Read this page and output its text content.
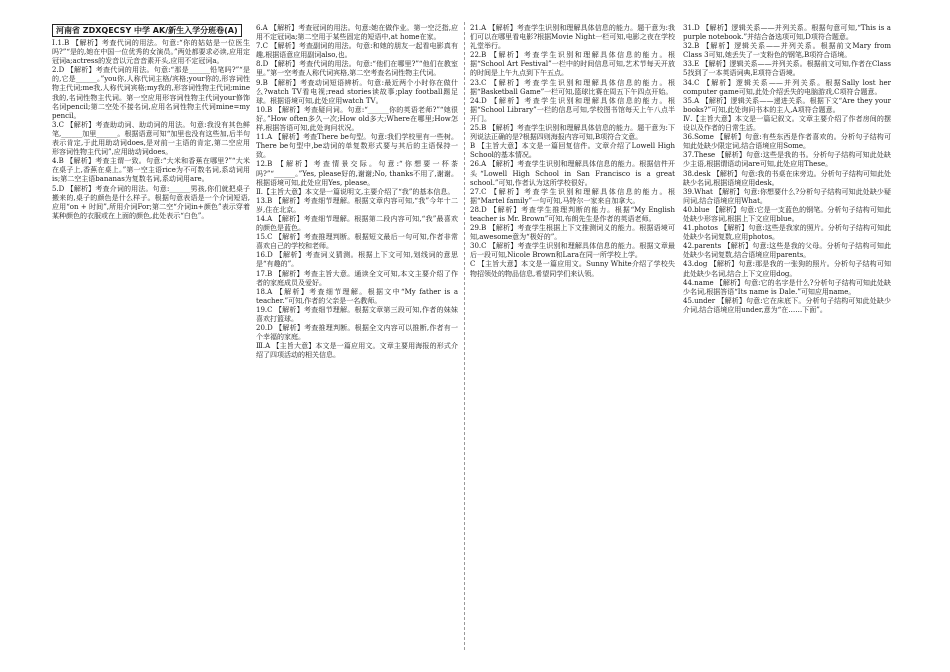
河南省 ZDXQECSY 中学 AK/新生入学分班卷(A)

Ⅰ.1.B 【解析】考查代词的用法。句意:“你的姑姑是一位医生吗?”“是的,她在中国一位优秀的女演员。”两处都要求必读,应用定冠词a;actress的发音以元音音素开头,应用不定冠词a。

2.D 【解析】考查代词的用法。句意:“那是______铅笔吗?”“是的,它是______。”you你,人称代词主格/宾格;your你的,形容词性物主代词;me我,人称代词宾格;my我的,形容词性物主代词;mine我的,名词性物主代词。第一空应用形容词性物主代词your修饰名词pencil;第二空处不接名词,应用名词性物主代词mine=my pencil。

3.C 【解析】考查助动词、助动词的用法。句意:我没有其色鲜笔,______加里______。根据语意可知“加里也没有这些加,后半句表示肯定,于此用助动词does,是对前一主语的肯定,第二空应用形容词性物主代词”,应用助动词does。

4.B 【解析】考查主谓一致。句意:“大米和香蕉在哪里?”“大米在桌子上,香蕉在桌上。”第一空主语rice为不可数名词,系动词用is;第二空主语bananas为复数名词,系动词用are。

5.D 【解析】考查介词的用法。句意:______男孩,你们就把桌子搬来的,桌子的颜色是什么样子。根据句意表语是一个介词短语,应用“on + 时间”,所用介词For;第二空“介词in+颜色”表示穿着某种颜色的衣服或在上面的颜色,此处表示“白色”。

6.A 【解析】考查冠词的用法。句意:她在做作业。第一空泛指,应用不定冠词a;第二空用于某些固定的短语中,at home在家。

7.C 【解析】考查副词的用法。句意:和她的朋友一起看电影真有趣,根据语意应用副词also,也。

8.D 【解析】考查代词的用法。句意:“他们在哪里?”“他们在教室里。”第一空考查人称代词宾格,第二空考查名词性物主代词。

9.B 【解析】考查动词短语辨析。句意:最近两个小时你在做什么?watch TV看电视;read stories读故事;play football踢足球。根据语境可知,此处应用watch TV。

10.B 【解析】考查疑问词。句意:“______你的英语老师?”“她很好。”How often多久一次;How old多大;Where在哪里;How怎样,根据答语可知,此处询问状况。

11.A 【解析】考查There be句型。句意:我们学校里有一些树。There be句型中,be动词的单复数形式要与其后的主语保持一致。

12.B 【解析】考查情景交际。句意:“你想要一杯茶吗?”“______。”Yes, please好的,谢谢;No, thanks不用了,谢谢。根据语境可知,此处应用Yes, please。

Ⅱ.【主旨大意】本文是一篇说明文,主要介绍了“我”的基本信息。

13.B 【解析】考查细节理解。根据文章内容可知,“我”今年十二岁,住在北京。

14.A 【解析】考查细节理解。根据第二段内容可知,“我”最喜欢的颜色是蓝色。

15.C 【解析】考查推理判断。根据短文最后一句可知,作者非常喜欢自己的学校和老师。

16.D 【解析】考查词义猜测。根据上下文可知,划线词的意思是“有趣的”。

17.B 【解析】考查主旨大意。通读全文可知,本文主要介绍了作者的家庭成员及爱好。

18.A 【解析】考查细节理解。根据文中“My father is a teacher.”可知,作者的父亲是一名教师。

19.C 【解析】考查细节理解。根据文章第三段可知,作者的妹妹喜欢打篮球。

20.D 【解析】考查推理判断。根据全文内容可以推断,作者有一个幸福的家庭。

Ⅲ.A 【主旨大意】本文是一篇应用文。文章主要用海报的形式介绍了四项活动的相关信息。

21.A 【解析】考查学生识别和理解具体信息的能力。题干意为:我们可以在哪里看电影?根据Movie Night一栏可知,电影之夜在学校礼堂举行。

22.B 【解析】考查学生识别和理解具体信息的能力。根据“School Art Festival”一栏中的时间信息可知,艺术节每天开放的时间是上午九点到下午五点。

23.C 【解析】考查学生识别和理解具体信息的能力。根据“Basketball Game”一栏可知,篮球比赛在周五下午四点开始。

24.D 【解析】考查学生识别和理解具体信息的能力。根据“School Library”一栏的信息可知,学校图书馆每天上午八点半开门。

25.B 【解析】考查学生识别和理解具体信息的能力。题干意为:下列说法正确的是?根据四则海报内容可知,B项符合文意。

B 【主旨大意】本文是一篇回复信件。文章介绍了Lowell High School的基本情况。

26.A 【解析】考查学生识别和理解具体信息的能力。根据信件开头“Lowell High School in San Francisco is a great school.”可知,作者认为这所学校很好。

27.C 【解析】考查学生识别和理解具体信息的能力。根据“Martel family”一句可知,马特尔一家来自加拿大。

28.D 【解析】考查学生推理判断的能力。根据“My English teacher is Mr. Brown”可知,布朗先生是作者的英语老师。

29.B 【解析】考查学生根据上下文推测词义的能力。根据语境可知,awesome意为“极好的”。

30.C 【解析】考查学生识别和理解具体信息的能力。根据文章最后一段可知,Nicole Brown和Lara在同一所学校上学。

C 【主旨大意】本文是一篇应用文。Sunny White介绍了学校失物招领处的物品信息,希望同学们来认领。

31.D 【解析】逻辑关系——并列关系。根据句意可知,“This is a purple notebook.”并结合备选项可知,D项符合题意。

32.B 【解析】逻辑关系——并列关系。根据前文Mary from Class 3可知,她丢失了一支粉色的钢笔,B项符合语境。

33.E 【解析】逻辑关系——并列关系。根据前文可知,作者在Class 5找到了一本英语词典,E项符合语境。

34.C 【解析】逻辑关系——并列关系。根据Sally lost her computer game可知,此处介绍丢失的电脑游戏,C项符合题意。

35.A 【解析】逻辑关系——递进关系。根据下文“Are they your books?”可知,此处询问书本的主人,A项符合题意。

Ⅳ.【主旨大意】本文是一篇记叙文。文章主要介绍了作者房间的摆设以及作者的日常生活。

36.Some 【解析】句意:有些东西是作者喜欢的。分析句子结构可知此处缺少限定词,结合语境应用Some。

37.These 【解析】句意:这些是我的书。分析句子结构可知此处缺少主语,根据谓语动词are可知,此处应用These。

38.desk 【解析】句意:我的书桌在床旁边。分析句子结构可知此处缺少名词,根据语境应用desk。

39.What 【解析】句意:你想要什么?分析句子结构可知此处缺少疑问词,结合语境应用What。

40.blue 【解析】句意:它是一支蓝色的钢笔。分析句子结构可知此处缺少形容词,根据上下文应用blue。

41.photos 【解析】句意:这些是我家的照片。分析句子结构可知此处缺少名词复数,应用photos。

42.parents 【解析】句意:这些是我的父母。分析句子结构可知此处缺少名词复数,结合语境应用parents。

43.dog 【解析】句意:那是我的一张狗的照片。分析句子结构可知此处缺少名词,结合上下文应用dog。

44.name 【解析】句意:它的名字是什么?分析句子结构可知此处缺少名词,根据答语“Its name is Dale.”可知应用name。

45.under 【解析】句意:它在床底下。分析句子结构可知此处缺少介词,结合语境应用under,意为“在……下面”。
